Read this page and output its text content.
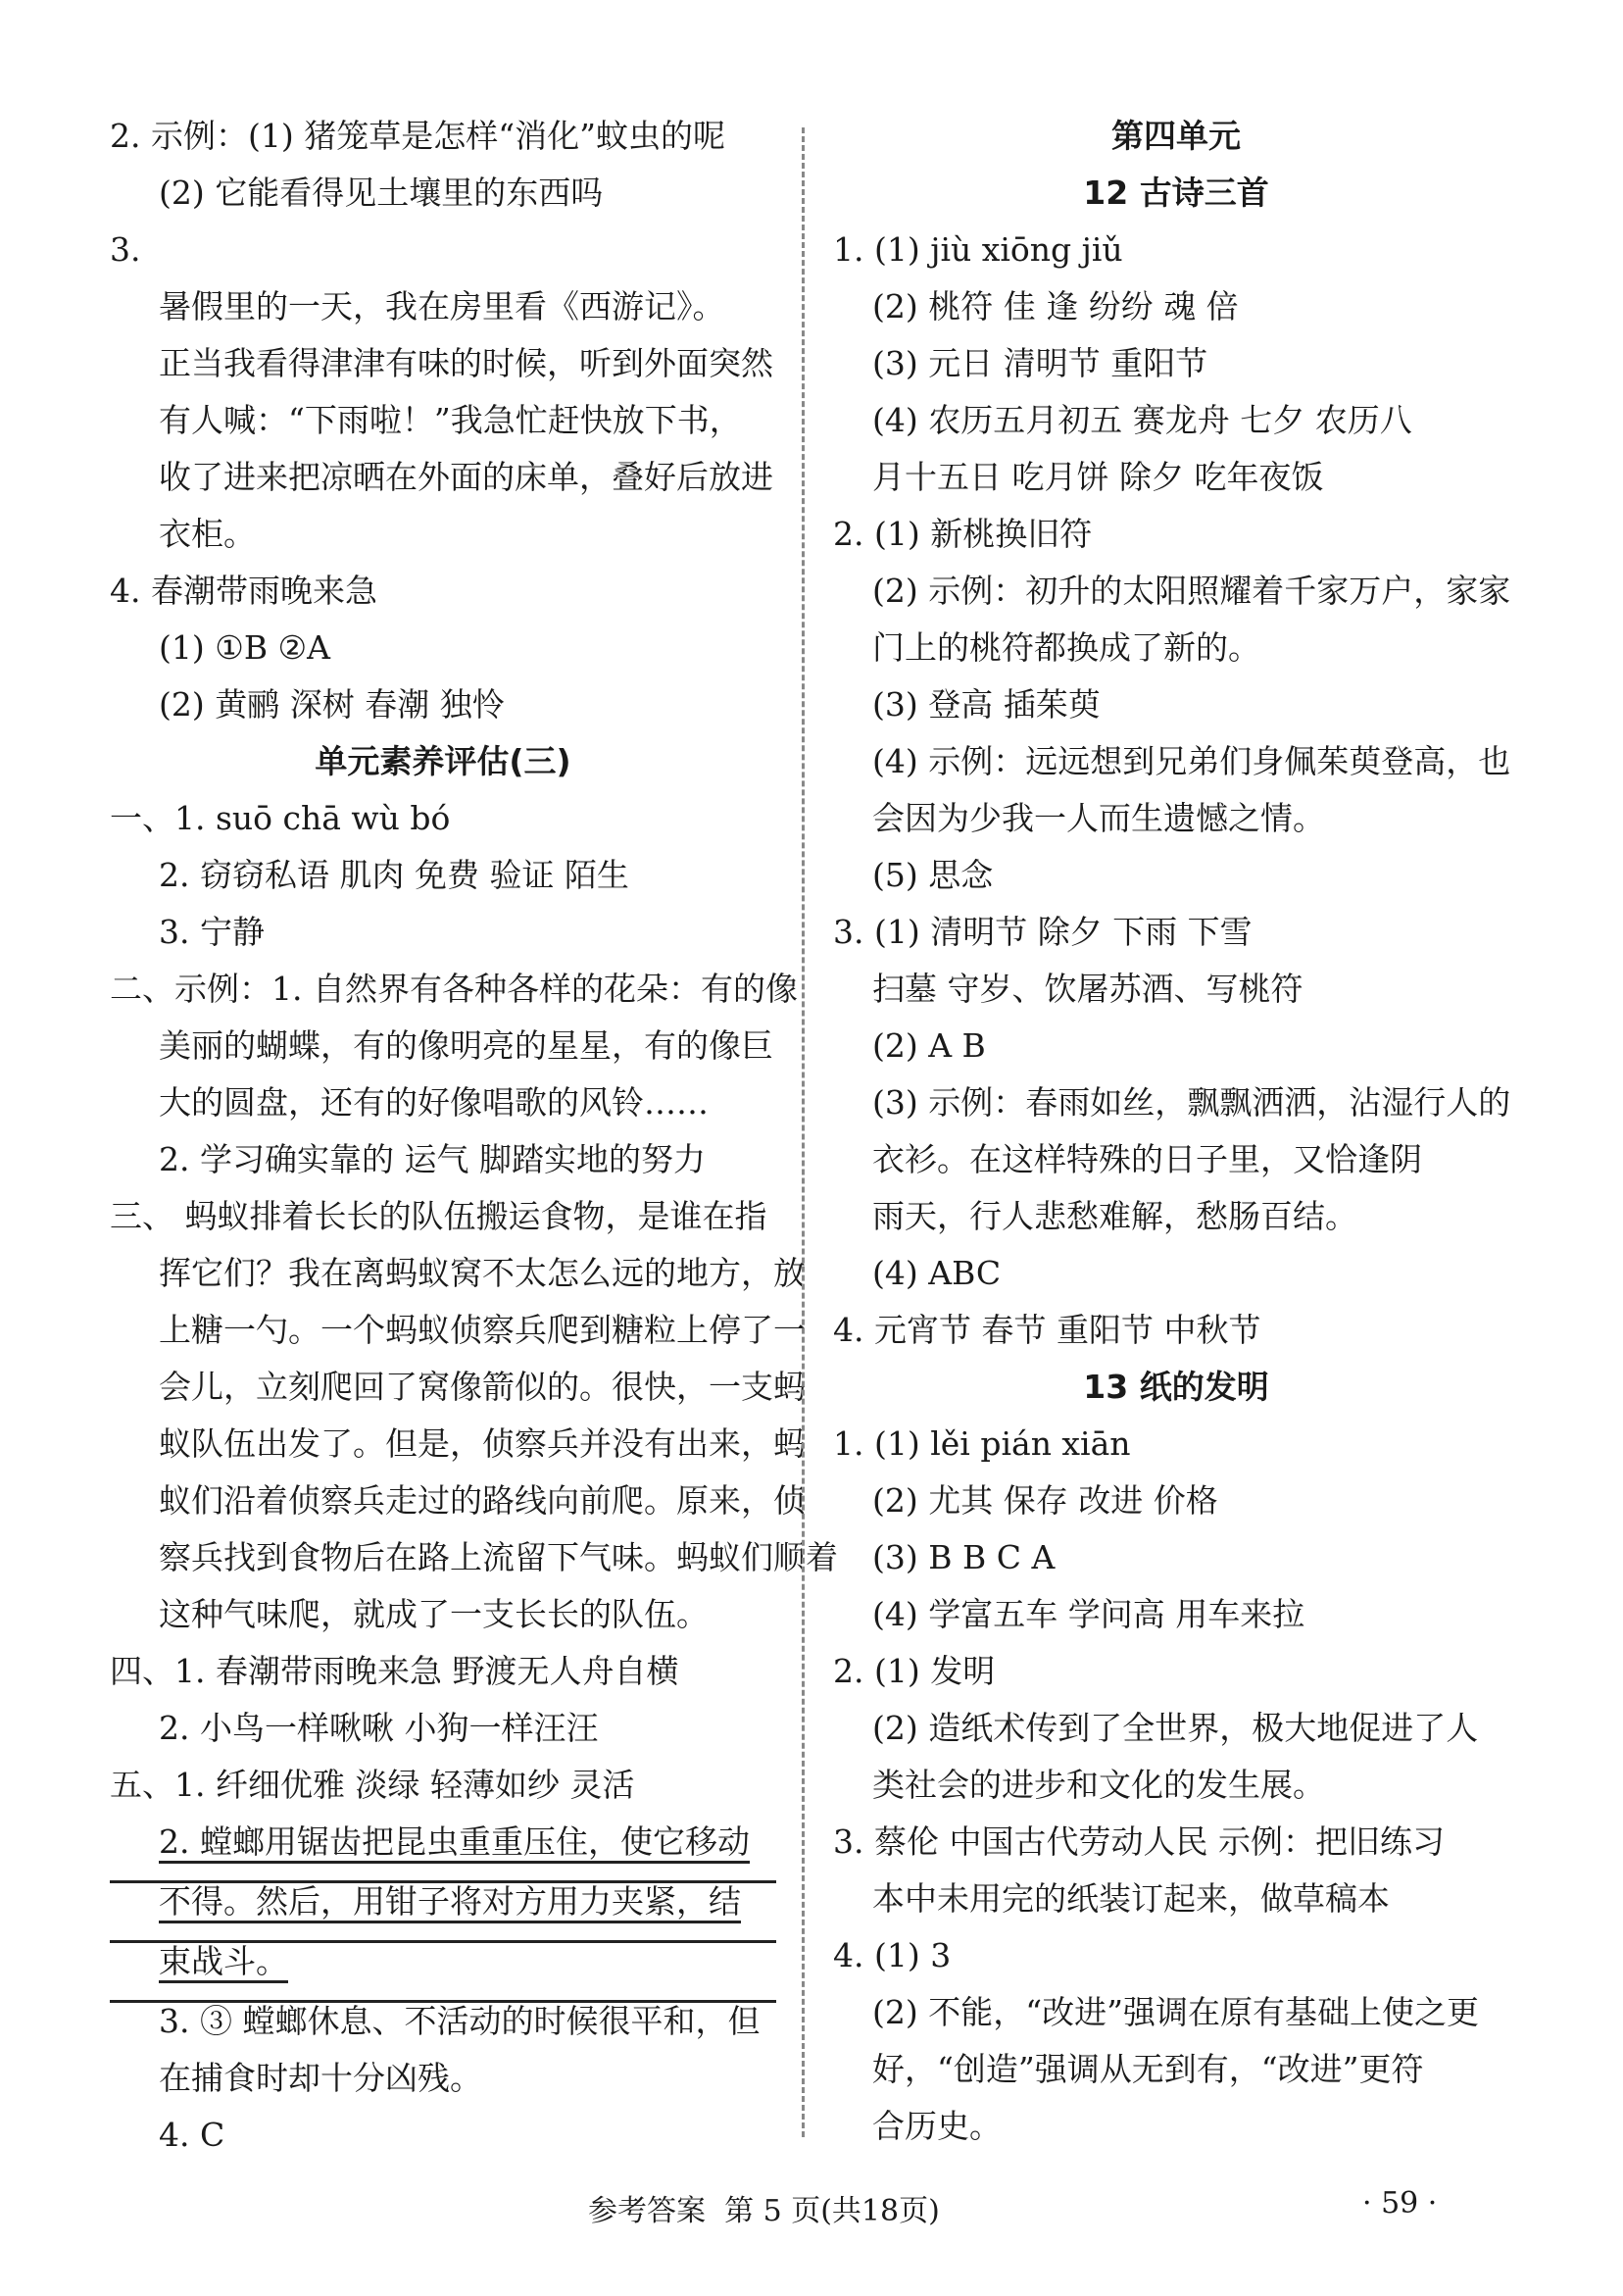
2. 示例：(1) 猪笼草是怎样“消化”蚊虫的呢
(2) 它能看得见土壤里的东西吗
3.
暑假里的一天，我在房里看《西游记》。
正当我看得津津有味的时候，听到外面突然
有人喊：“下雨啦！”我急忙赶快放下书，
收了进来把凉晒在外面的床单，叠好后放进
衣柜。
4. 春潮带雨晚来急
(1) ①B ②A
(2) 黄鹂 深树 春潮 独怜
单元素养评估(三)
一、1. suō chā wù bó
2. 窃窃私语 肌肉 免费 验证 陌生
3. 宁静
二、示例：1. 自然界有各种各样的花朵：有的像
美丽的蝴蝶，有的像明亮的星星，有的像巨
大的圆盘，还有的好像唱歌的风铃……
2. 学习确实靠的 运气 脚踏实地的努力
三、 蚂蚁排着长长的队伍搬运食物，是谁在指
挥它们？我在离蚂蚁窝不太怎么远的地方，放
上糖一勺。一个蚂蚁侦察兵爬到糖粒上停了一
会儿，立刻爬回了窝像箭似的。很快，一支蚂
蚁队伍出发了。但是，侦察兵并没有出来，蚂
蚁们沿着侦察兵走过的路线向前爬。原来，侦
察兵找到食物后在路上流留下气味。蚂蚁们顺着
这种气味爬，就成了一支长长的队伍。
四、1. 春潮带雨晚来急 野渡无人舟自横
2. 小鸟一样啾啾 小狗一样汪汪
五、1. 纤细优雅 淡绿 轻薄如纱 灵活
2. 螳螂用锯齿把昆虫重重压住，使它移动
不得。然后，用钳子将对方用力夹紧，结
束战斗。
3. ③ 螳螂休息、不活动的时候很平和，但
在捕食时却十分凶残。
4. C
第四单元
12 古诗三首
1. (1) jiù xiōng jiǔ
(2) 桃符 佳 逢 纷纷 魂 倍
(3) 元日 清明节 重阳节
(4) 农历五月初五 赛龙舟 七夕 农历八
月十五日 吃月饼 除夕 吃年夜饭
2. (1) 新桃换旧符
(2) 示例：初升的太阳照耀着千家万户，家家
门上的桃符都换成了新的。
(3) 登高 插茱萸
(4) 示例：远远想到兄弟们身佩茱萸登高，也
会因为少我一人而生遗憾之情。
(5) 思念
3. (1) 清明节 除夕 下雨 下雪
扫墓 守岁、饮屠苏酒、写桃符
(2) A B
(3) 示例：春雨如丝，飘飘洒洒，沾湿行人的
衣衫。在这样特殊的日子里，又恰逢阴
雨天，行人悲愁难解，愁肠百结。
(4) ABC
4. 元宵节 春节 重阳节 中秋节
13 纸的发明
1. (1) lěi pián xiān
(2) 尤其 保存 改进 价格
(3) B B C A
(4) 学富五车 学问高 用车来拉
2. (1) 发明
(2) 造纸术传到了全世界，极大地促进了人
类社会的进步和文化的发生展。
3. 蔡伦 中国古代劳动人民 示例：把旧练习
本中未用完的纸装订起来，做草稿本
4. (1) 3
(2) 不能，“改进”强调在原有基础上使之更
好，“创造”强调从无到有，“改进”更符
合历史。
参考答案  第 5 页(共18页)	· 59 ·
